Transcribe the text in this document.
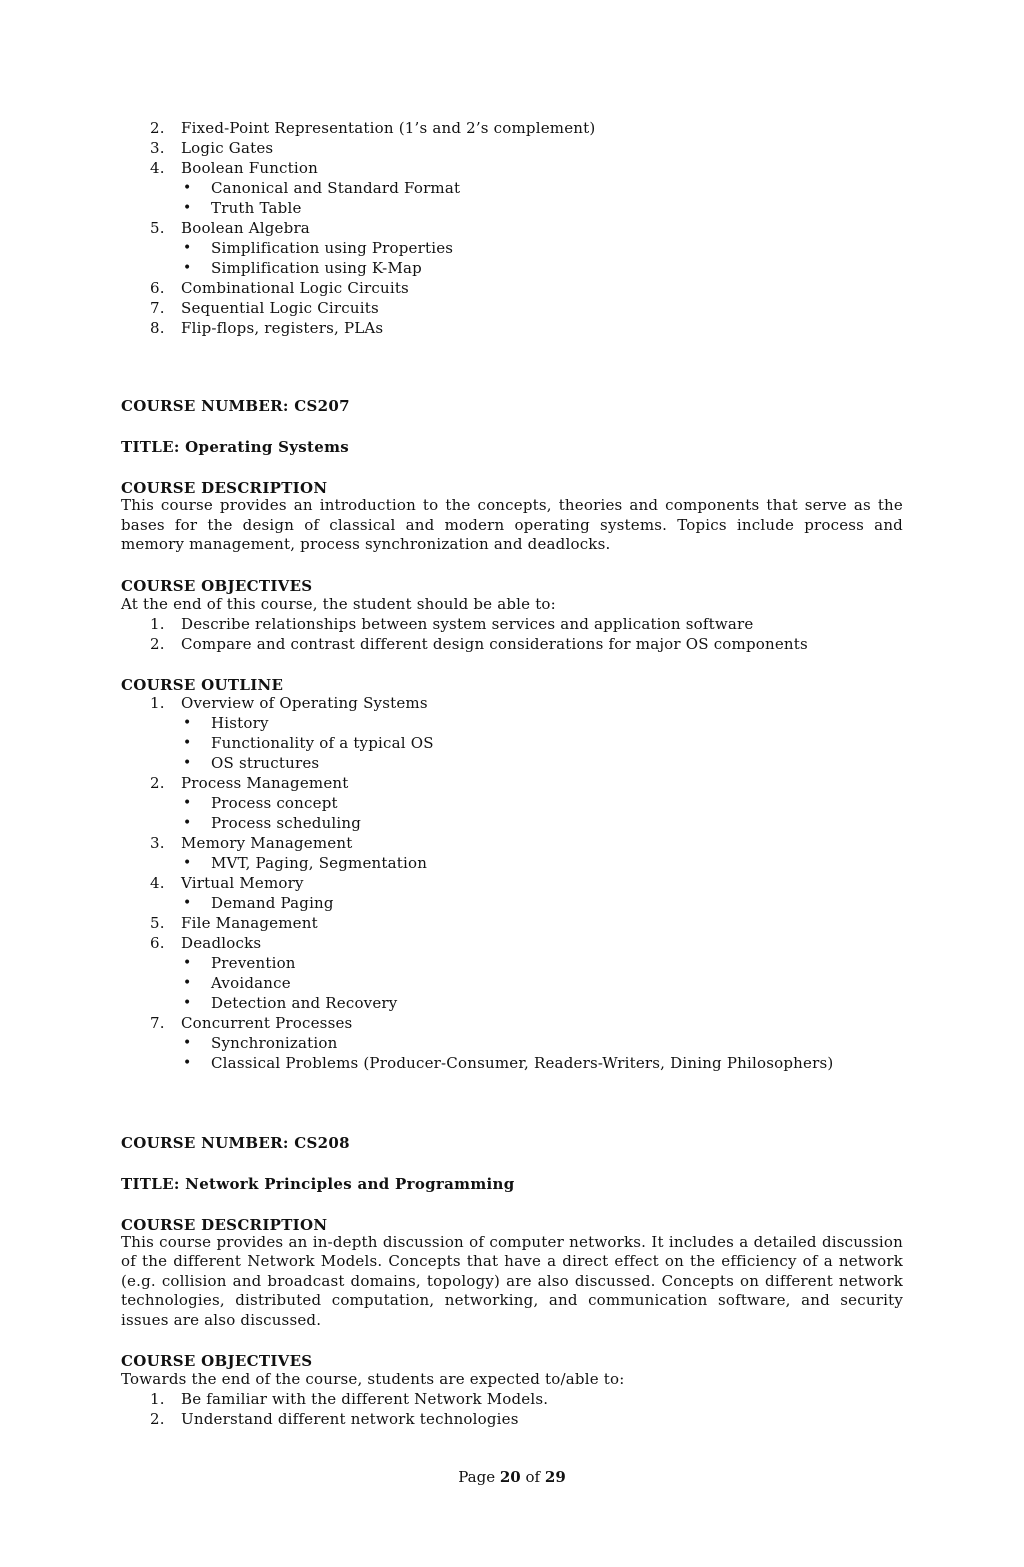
2.	Fixed-Point Representation (1’s and 2’s complement)
3.	Logic Gates
4.	Boolean Function
• Canonical and Standard Format
• Truth Table
5.	Boolean Algebra
• Simplification using Properties
• Simplification using K-Map
6.	Combinational Logic Circuits
7.	Sequential Logic Circuits
8.	Flip-flops, registers, PLAs
COURSE NUMBER: CS207
TITLE: Operating Systems
COURSE DESCRIPTION
This course provides an introduction to the concepts, theories and components that serve as the bases for the design of classical and modern operating systems. Topics include process and memory management, process synchronization and deadlocks.
COURSE OBJECTIVES
At the end of this course, the student should be able to:
1.	Describe relationships between system services and application software
2.	Compare and contrast different design considerations for major OS components
COURSE OUTLINE
1.	Overview of Operating Systems
• History
• Functionality of a typical OS
• OS structures
2.	Process Management
• Process concept
• Process scheduling
3.	Memory Management
• MVT, Paging, Segmentation
4.	Virtual Memory
• Demand Paging
5.	File Management
6.	Deadlocks
• Prevention
• Avoidance
• Detection and Recovery
7.	Concurrent Processes
• Synchronization
• Classical Problems (Producer-Consumer, Readers-Writers, Dining Philosophers)
COURSE NUMBER: CS208
TITLE: Network Principles and Programming
COURSE DESCRIPTION
This course provides an in-depth discussion of computer networks. It includes a detailed discussion of the different Network Models. Concepts that have a direct effect on the efficiency of a network (e.g. collision and broadcast domains, topology) are also discussed. Concepts on different network technologies, distributed computation, networking, and communication software, and security issues are also discussed.
COURSE OBJECTIVES
Towards the end of the course, students are expected to/able to:
1.	Be familiar with the different Network Models.
2.	Understand different network technologies
Page 20 of 29
